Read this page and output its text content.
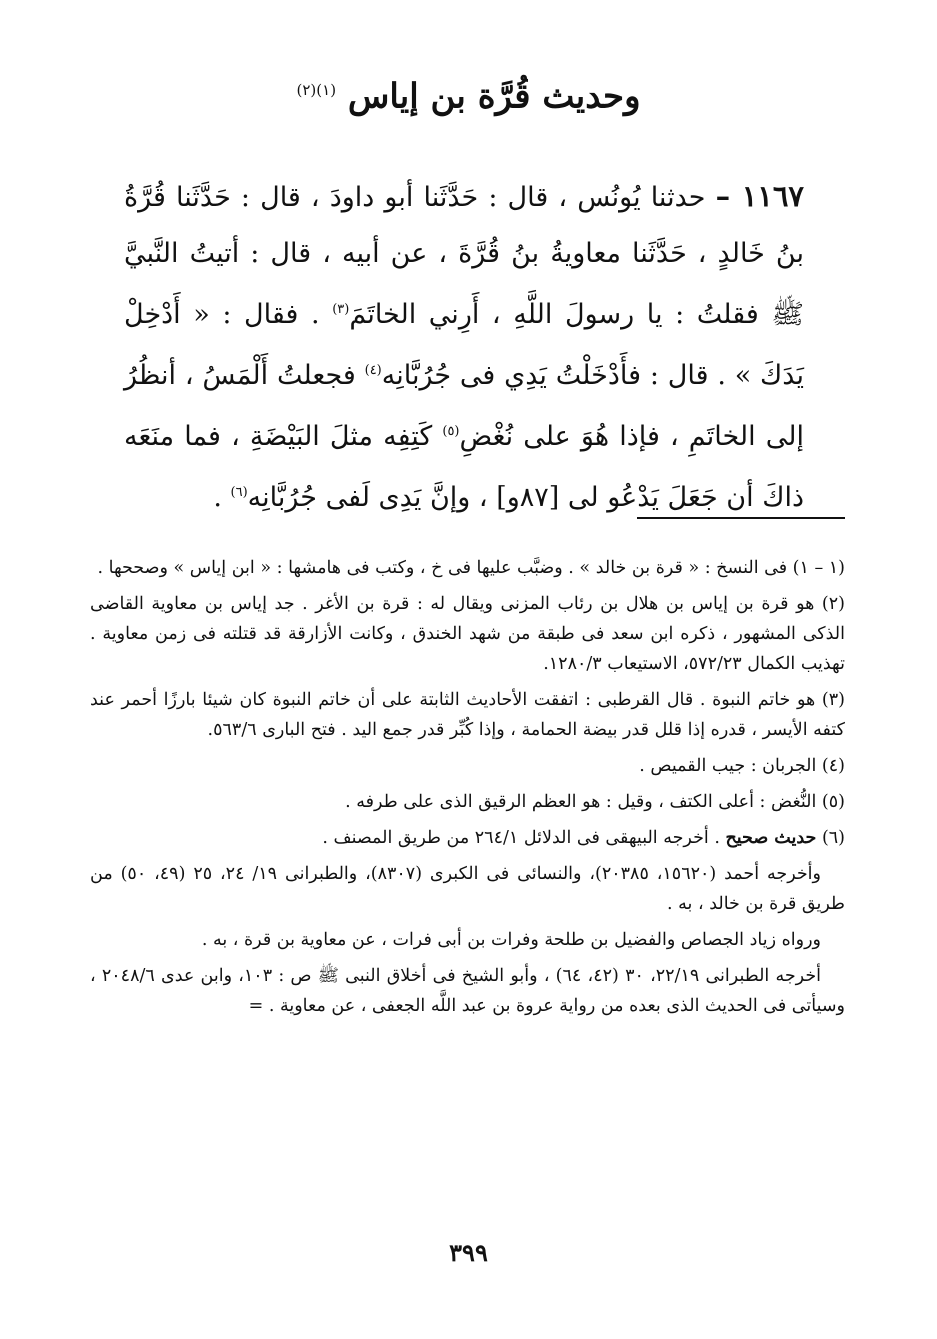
وحديث قُرَّة بن إياس $^{(١)(٢)}$
١١٦٧ – حدثنا يُونُس ، قال : حَدَّثَنا أبو داودَ ، قال : حَدَّثَنا قُرَّةُ بنُ خَالدٍ ، حَدَّثَنا معاويةُ بنُ قُرَّةَ ، عن أبيه ، قال : أتيتُ النَّبيَّ ﷺ فقلتُ : يا رسولَ اللَّهِ ، أَرِني الخاتَمَ$^{(٣)}$ . فقال : « أَدْخِلْ يَدَكَ » . قال : فأَدْخَلْتُ يَدِي فى جُرُبَّانِه$^{(٤)}$ فجعلتُ أَلْمَسُ ، أنظُرُ إلى الخاتَمِ ، فإذا هُوَ على نُغْضِ$^{(٥)}$ كَتِفِه مثلَ البَيْضَةِ ، فما منَعَه ذاكَ أن جَعَلَ يَدْعُو لى [٨٧و] ، وإنَّ يَدِى لَفى جُرُبَّانِه$^{(٦)}$ .
(١ – ١) فى النسخ : « قرة بن خالد » . وضبَّب عليها فى خ ، وكتب فى هامشها : « ابن إياس » وصححها .
(٢) هو قرة بن إياس بن هلال بن رئاب المزنى ويقال له : قرة بن الأغر . جد إياس بن معاوية القاضى الذكى المشهور ، ذكره ابن سعد فى طبقة من شهد الخندق ، وكانت الأزارقة قد قتلته فى زمن معاوية . تهذيب الكمال ٥٧٢/٢٣، الاستيعاب ١٢٨٠/٣.
(٣) هو خاتم النبوة . قال القرطبى : اتفقت الأحاديث الثابتة على أن خاتم النبوة كان شيئا بارزًا أحمر عند كتفه الأيسر ، قدره إذا قلل قدر بيضة الحمامة ، وإذا كُبِّر قدر جمع اليد . فتح البارى ٥٦٣/٦.
(٤) الجربان : جيب القميص .
(٥) النُّغض : أعلى الكتف ، وقيل : هو العظم الرقيق الذى على طرفه .
(٦) حديث صحيح . أخرجه البيهقى فى الدلائل ٢٦٤/١ من طريق المصنف .
وأخرجه أحمد (١٥٦٢٠، ٢٠٣٨٥)، والنسائى فى الكبرى (٨٣٠٧)، والطبرانى ١٩/ ٢٤، ٢٥ (٤٩، ٥٠) من طريق قرة بن خالد ، به .
ورواه زياد الجصاص والفضيل بن طلحة وفرات بن أبى فرات ، عن معاوية بن قرة ، به .
أخرجه الطبرانى ٢٢/١٩، ٣٠ (٤٢، ٦٤) ، وأبو الشيخ فى أخلاق النبى ﷺ ص : ١٠٣، وابن عدى ٢٠٤٨/٦ ، وسيأتى فى الحديث الذى بعده من رواية عروة بن عبد اللَّه الجعفى ، عن معاوية . =
٣٩٩
